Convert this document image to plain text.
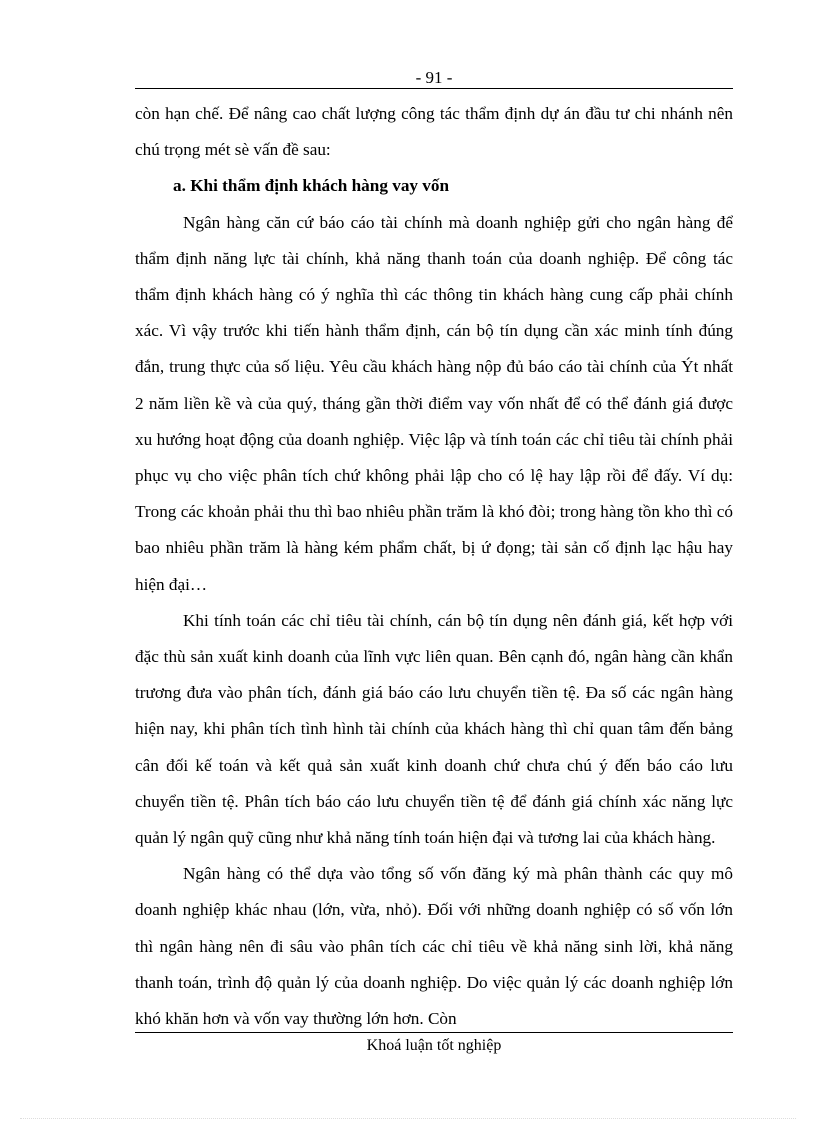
- 91 -

còn hạn chế. Để nâng cao chất lượng công tác thẩm định dự án đầu tư chi nhánh nên chú trọng mét sè vấn đề sau:

a. Khi thẩm định khách hàng vay vốn

Ngân hàng căn cứ báo cáo tài chính mà doanh nghiệp gửi cho ngân hàng để thẩm định năng lực tài chính, khả năng thanh toán của doanh nghiệp. Để công tác thẩm định khách hàng có ý nghĩa thì các thông tin khách hàng cung cấp phải chính xác. Vì vậy trước khi tiến hành thẩm định, cán bộ tín dụng cần xác minh tính đúng đắn, trung thực của số liệu. Yêu cầu khách hàng nộp đủ báo cáo tài chính của Ýt nhất 2 năm liền kề và của quý, tháng gần thời điểm vay vốn nhất để có thể đánh giá được xu hướng hoạt động của doanh nghiệp. Việc lập và tính toán các chỉ tiêu tài chính phải phục vụ cho việc phân tích chứ không phải lập cho có lệ hay lập rồi để đấy. Ví dụ: Trong các khoản phải thu thì bao nhiêu phần trăm là khó đòi; trong hàng tồn kho thì có bao nhiêu phần trăm là hàng kém phẩm chất, bị ứ đọng; tài sản cố định lạc hậu hay hiện đại…

Khi tính toán các chỉ tiêu tài chính, cán bộ tín dụng nên đánh giá, kết hợp với đặc thù sản xuất kinh doanh của lĩnh vực liên quan. Bên cạnh đó, ngân hàng cần khẩn trương đưa vào phân tích, đánh giá báo cáo lưu chuyển tiền tệ. Đa số các ngân hàng hiện nay, khi phân tích tình hình tài chính của khách hàng thì chỉ quan tâm đến bảng cân đối kế toán và kết quả sản xuất kinh doanh chứ chưa chú ý đến báo cáo lưu chuyển tiền tệ. Phân tích báo cáo lưu chuyển tiền tệ để đánh giá chính xác năng lực quản lý ngân quỹ cũng như khả năng tính toán hiện đại và tương lai của khách hàng.

Ngân hàng có thể dựa vào tổng số vốn đăng ký mà phân thành các quy mô doanh nghiệp khác nhau (lớn, vừa, nhỏ). Đối với những doanh nghiệp có số vốn lớn thì ngân hàng nên đi sâu vào phân tích các chỉ tiêu về khả năng sinh lời, khả năng thanh toán, trình độ quản lý của doanh nghiệp. Do việc quản lý các doanh nghiệp lớn khó khăn hơn và vốn vay thường lớn hơn. Còn

Khoá luận tốt nghiệp
